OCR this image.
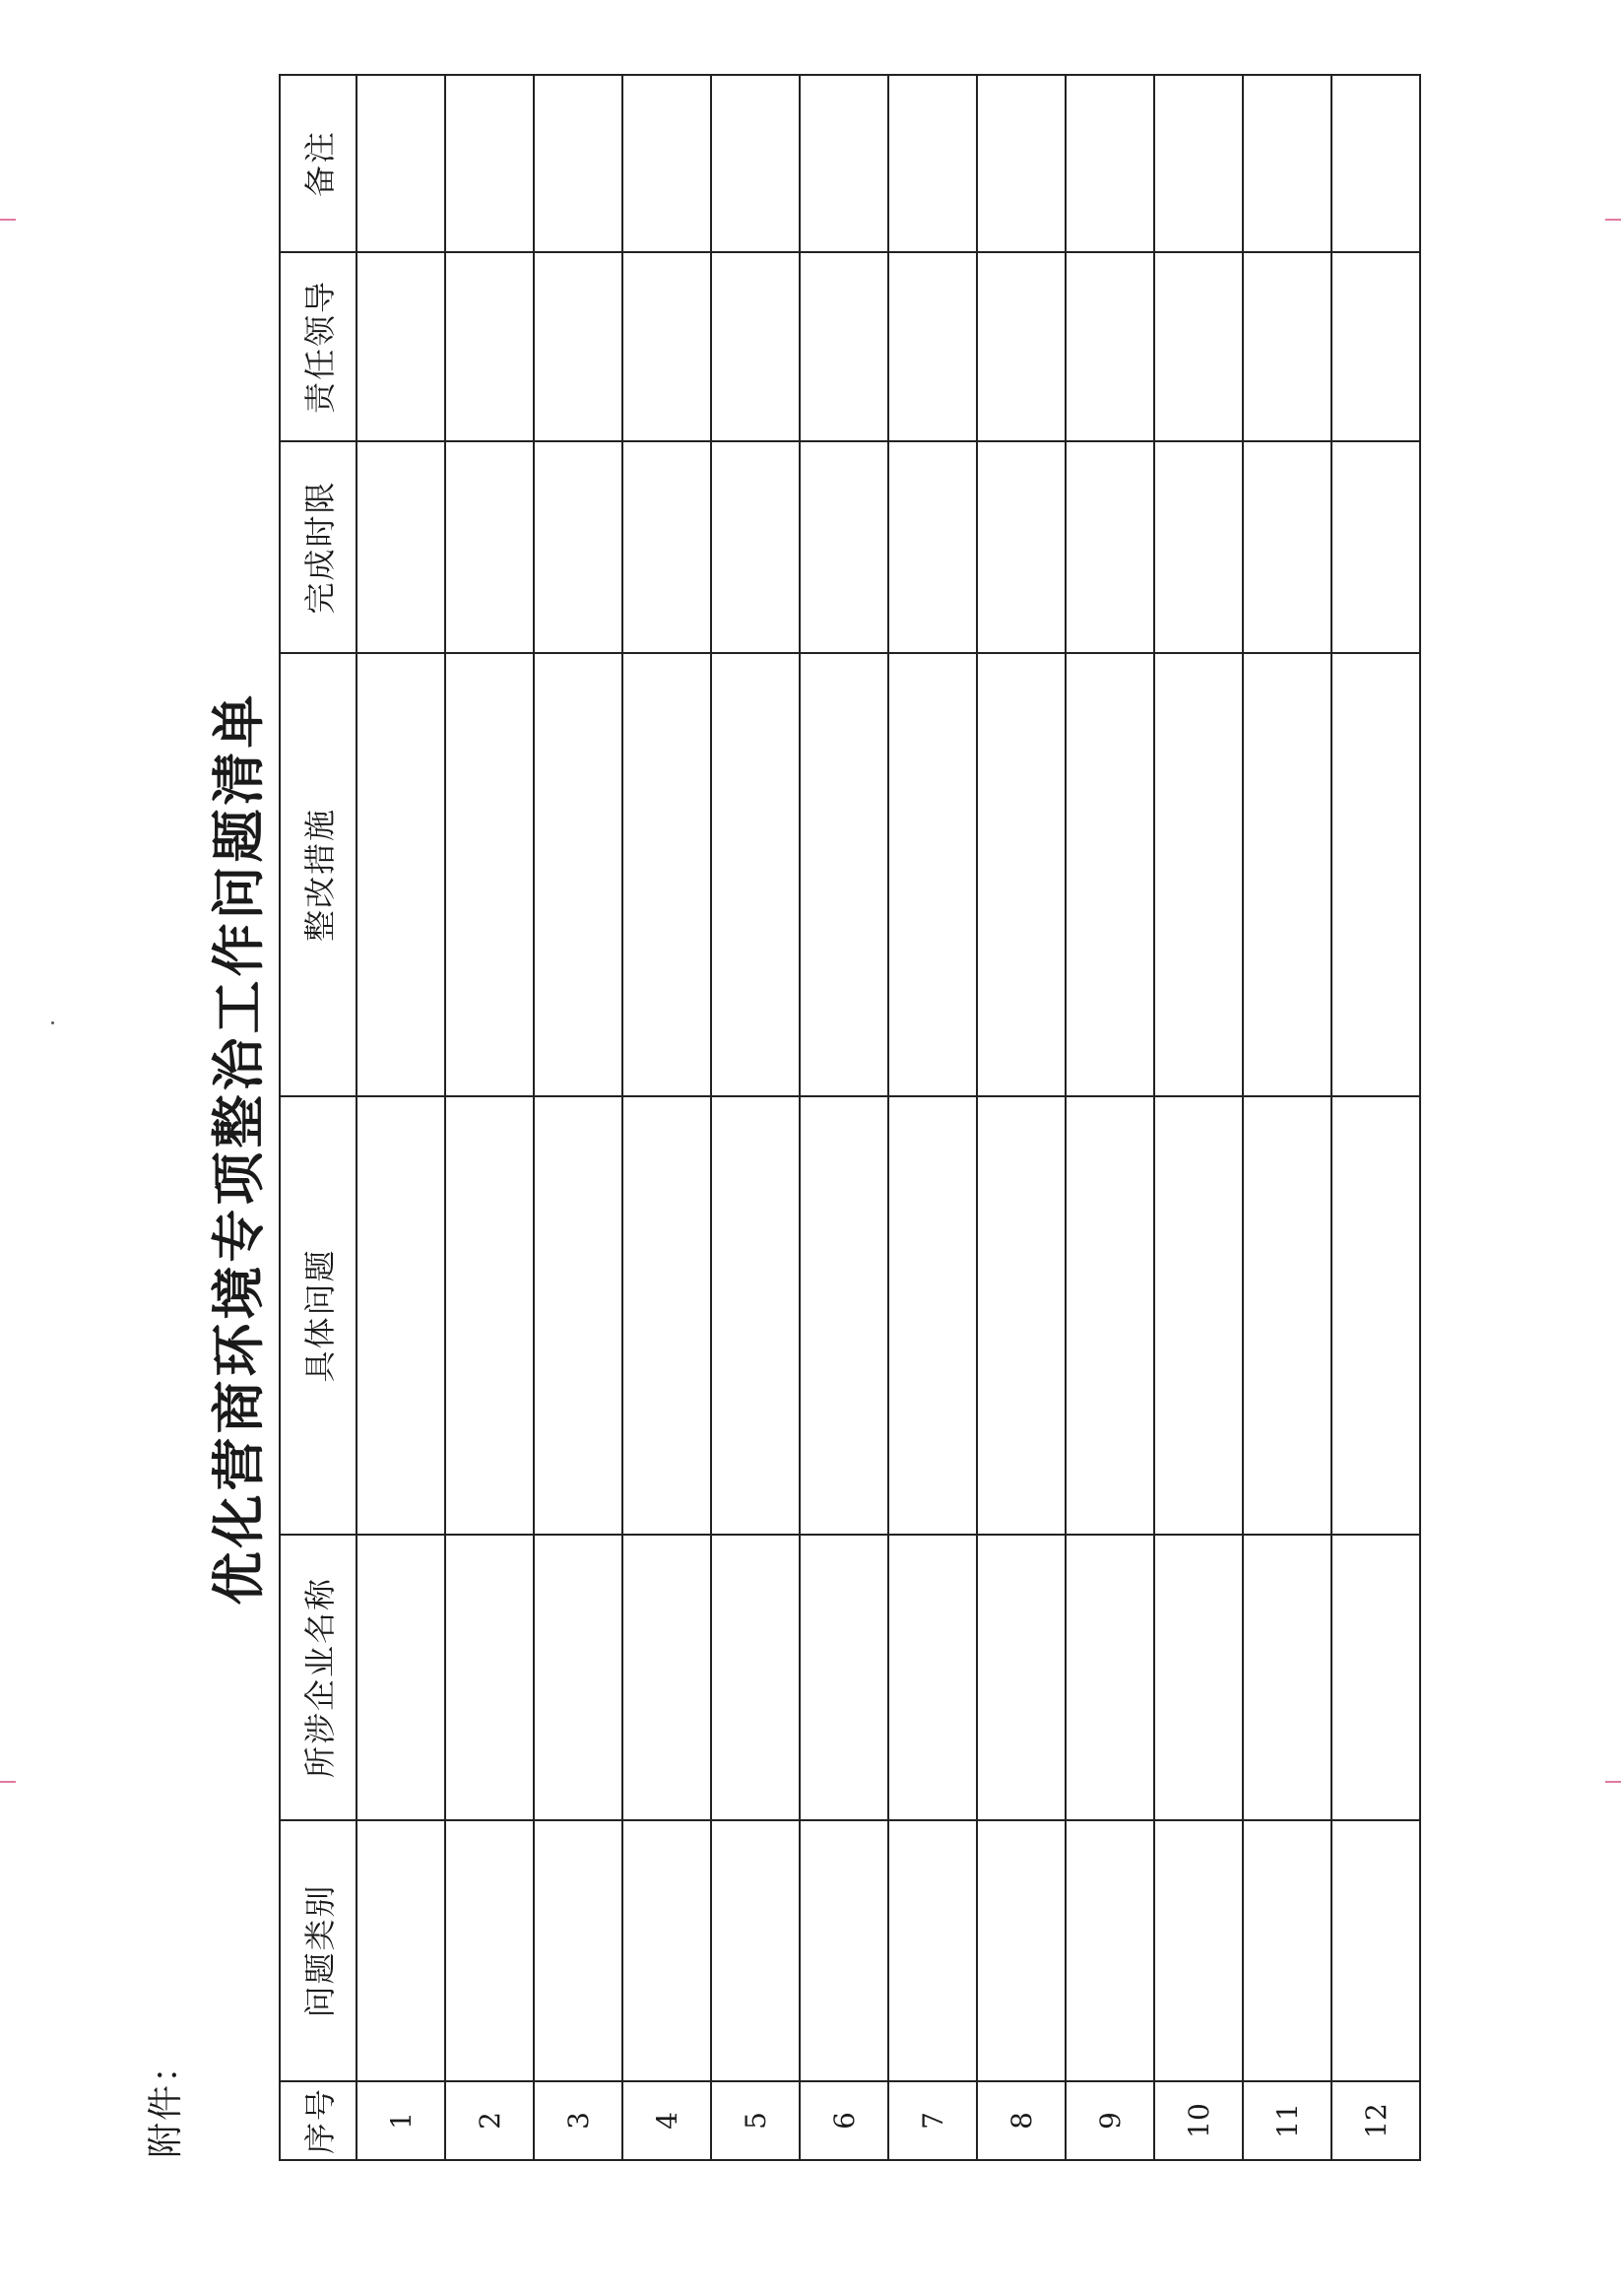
附件：
优化营商环境专项整治工作问题清单
序号	问题类别	所涉企业名称	具体问题	整改措施	完成时限	责任领导	备注
1							
2							
3							
4							
5							
6							
7							
8							
9							
10							
11							
12							
